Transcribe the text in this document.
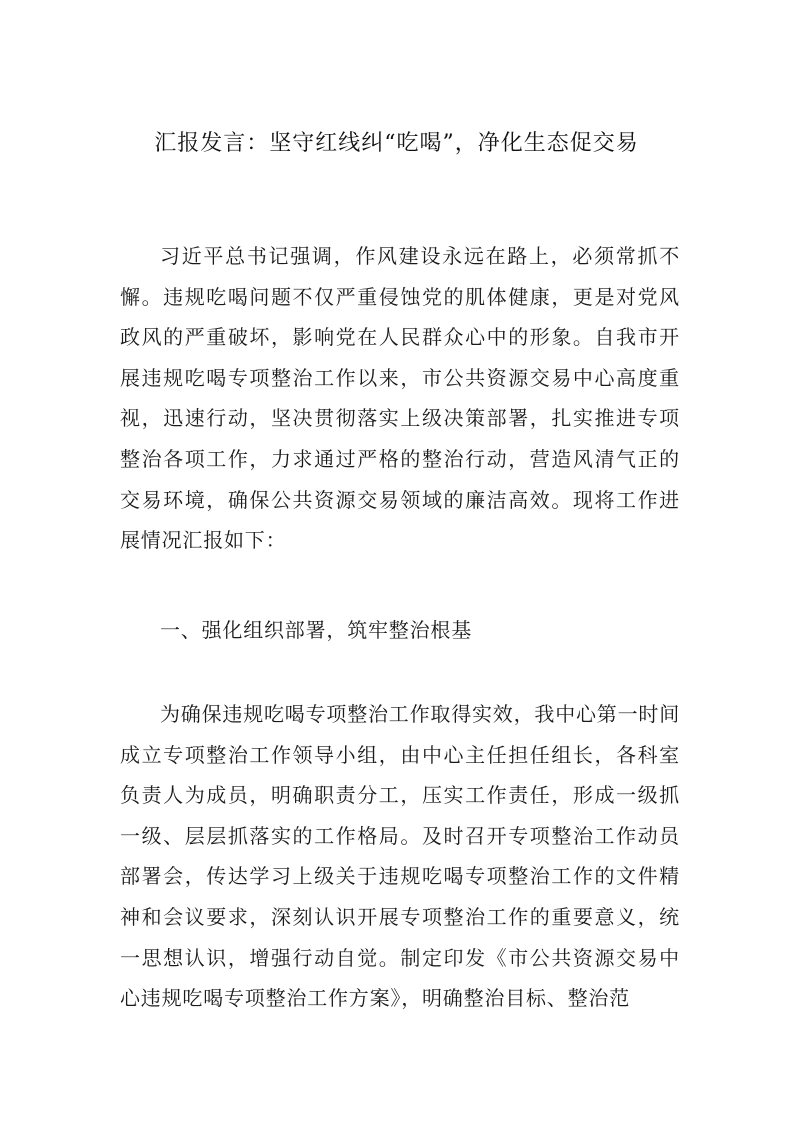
汇报发言：坚守红线纠“吃喝”，净化生态促交易

习近平总书记强调，作风建设永远在路上，必须常抓不懈。违规吃喝问题不仅严重侵蚀党的肌体健康，更是对党风政风的严重破坏，影响党在人民群众心中的形象。自我市开展违规吃喝专项整治工作以来，市公共资源交易中心高度重视，迅速行动，坚决贯彻落实上级决策部署，扎实推进专项整治各项工作，力求通过严格的整治行动，营造风清气正的交易环境，确保公共资源交易领域的廉洁高效。现将工作进展情况汇报如下：

一、强化组织部署，筑牢整治根基

为确保违规吃喝专项整治工作取得实效，我中心第一时间成立专项整治工作领导小组，由中心主任担任组长，各科室负责人为成员，明确职责分工，压实工作责任，形成一级抓一级、层层抓落实的工作格局。及时召开专项整治工作动员部署会，传达学习上级关于违规吃喝专项整治工作的文件精神和会议要求，深刻认识开展专项整治工作的重要意义，统一思想认识，增强行动自觉。制定印发《市公共资源交易中心违规吃喝专项整治工作方案》，明确整治目标、整治范
